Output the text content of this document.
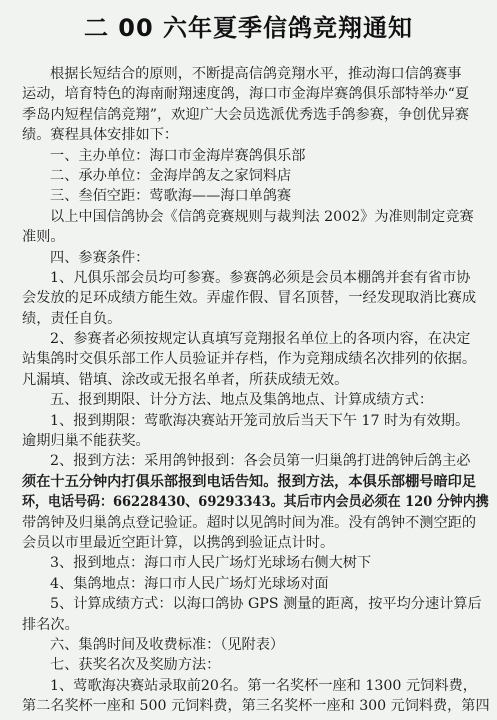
二 00 六年夏季信鸽竞翔通知
根据长短结合的原则，不断提高信鸽竞翔水平，推动海口信鸽赛事
运动，培育特色的海南耐翔速度鸽，海口市金海岸赛鸽俱乐部特举办“夏
季岛内短程信鸽竞翔”，欢迎广大会员选派优秀选手鸽参赛，争创优异赛
绩。赛程具体安排如下：
一、主办单位：海口市金海岸赛鸽俱乐部
二、承办单位：金海岸鸽友之家饲料店
三、叁佰空距：莺歌海——海口单鸽赛
以上中国信鸽协会《信鸽竞赛规则与裁判法 2002》为准则制定竞赛
准则。
四、参赛条件：
1、凡俱乐部会员均可参赛。参赛鸽必须是会员本棚鸽并套有省市协
会发放的足环成绩方能生效。弄虚作假、冒名顶替，一经发现取消比赛成
绩，责任自负。
2、参赛者必须按规定认真填写竞翔报名单位上的各项内容，在决定
站集鸽时交俱乐部工作人员验证并存档，作为竞翔成绩名次排列的依据。
凡漏填、错填、涂改或无报名单者，所获成绩无效。
五、报到期限、计分方法、地点及集鸽地点、计算成绩方式：
1、报到期限：莺歌海决赛站开笼司放后当天下午 17 时为有效期。
逾期归巢不能获奖。
2、报到方法：采用鸽钟报到：各会员第一归巢鸽打进鸽钟后鸽主必
须在十五分钟内打俱乐部报到电话告知。报到方法，本俱乐部棚号暗印足
环，电话号码：66228430、69293343。其后市内会员必须在 120 分钟内携
带鸽钟及归巢鸽点登记验证。超时以见鸽时间为准。没有鸽钟不测空距的
会员以市里最近空距计算，以携鸽到验证点计时。
3、报到地点：海口市人民广场灯光球场右侧大树下
4、集鸽地点：海口市人民广场灯光球场对面
5、计算成绩方式：以海口鸽协 GPS 测量的距离，按平均分速计算后
排名次。
六、集鸽时间及收费标准：（见附表）
七、获奖名次及奖励方法：
1、莺歌海决赛站录取前20名。第一名奖杯一座和 1300 元饲料费，
第二名奖杯一座和 500 元饲料费，第三名奖杯一座和 300 元饲料费，第四
